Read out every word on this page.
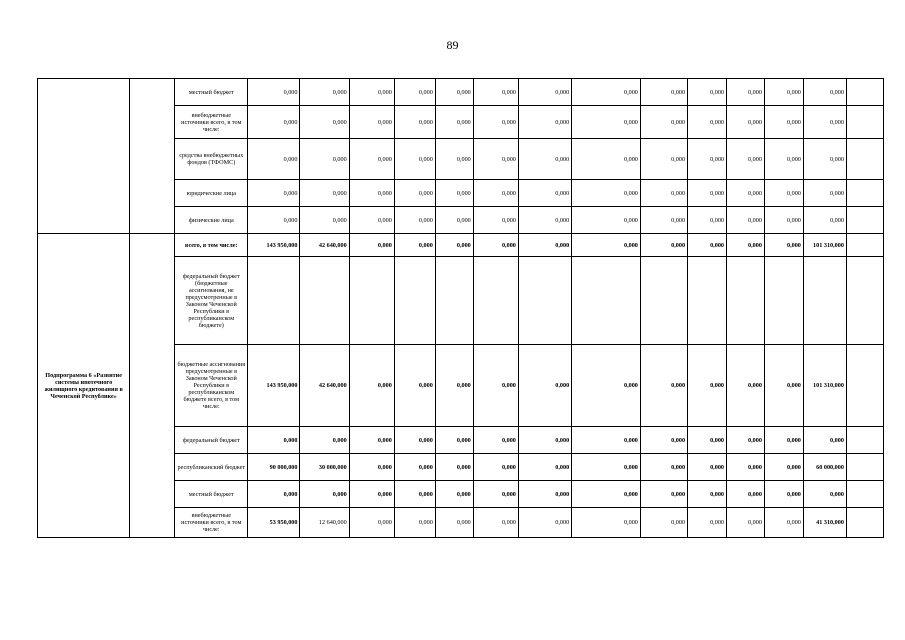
89
		местный бюджет	0,000	0,000	0,000	0,000	0,000	0,000	0,000	0,000	0,000	0,000	0,000	0,000	0,000	
		внебюджетные источники всего, в том числе:	0,000	0,000	0,000	0,000	0,000	0,000	0,000	0,000	0,000	0,000	0,000	0,000	0,000	
		средства внебюджетных фондов (ТФОМС)	0,000	0,000	0,000	0,000	0,000	0,000	0,000	0,000	0,000	0,000	0,000	0,000	0,000	
		юридические лица	0,000	0,000	0,000	0,000	0,000	0,000	0,000	0,000	0,000	0,000	0,000	0,000	0,000	
		физические лица	0,000	0,000	0,000	0,000	0,000	0,000	0,000	0,000	0,000	0,000	0,000	0,000	0,000	
Подпрограмма 6 «Развитие системы ипотечного жилищного кредитования в Чеченской Республике»		всего, в том числе:	143 950,000	42 640,000	0,000	0,000	0,000	0,000	0,000	0,000	0,000	0,000	0,000	0,000	101 310,000	
		федеральный бюджет (бюджетные ассигнования, не предусмотренные в Законом Чеченской Республики в республиканском бюджете)														
		бюджетные ассигнования предусмотренные в Законом Чеченской Республики в республиканском бюджете всего, в том числе:	143 950,000	42 640,000	0,000	0,000	0,000	0,000	0,000	0,000	0,000	0,000	0,000	0,000	101 310,000	
		федеральный бюджет	0,000	0,000	0,000	0,000	0,000	0,000	0,000	0,000	0,000	0,000	0,000	0,000	0,000	
		республиканский бюджет	90 000,000	30 000,000	0,000	0,000	0,000	0,000	0,000	0,000	0,000	0,000	0,000	0,000	60 000,000	
		местный бюджет	0,000	0,000	0,000	0,000	0,000	0,000	0,000	0,000	0,000	0,000	0,000	0,000	0,000	
		внебюджетные источники всего, в том числе:	53 950,000	12 640,000	0,000	0,000	0,000	0,000	0,000	0,000	0,000	0,000	0,000	0,000	41 310,000	
